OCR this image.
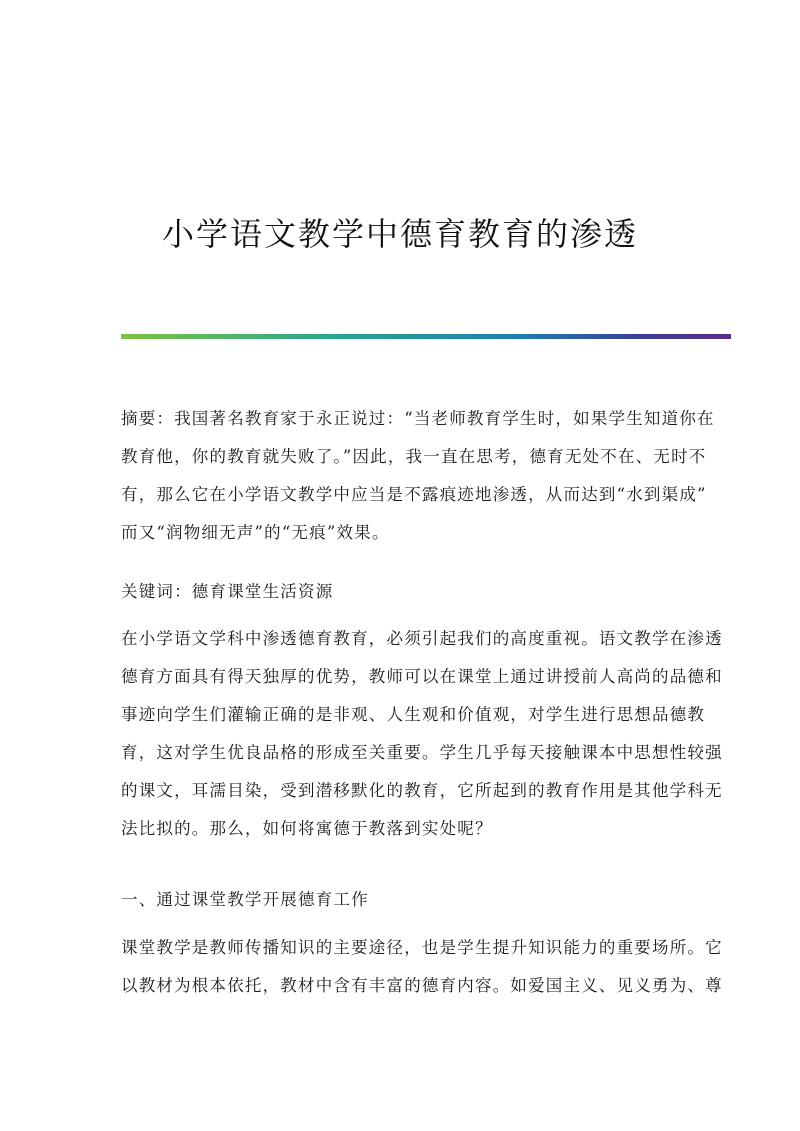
小学语文教学中德育教育的渗透
摘要：我国著名教育家于永正说过：“当老师教育学生时，如果学生知道你在
教育他，你的教育就失败了。”因此，我一直在思考，德育无处不在、无时不
有，那么它在小学语文教学中应当是不露痕迹地渗透，从而达到“水到渠成”
而又“润物细无声”的“无痕”效果。
关键词：德育课堂生活资源
在小学语文学科中渗透德育教育，必须引起我们的高度重视。语文教学在渗透
德育方面具有得天独厚的优势，教师可以在课堂上通过讲授前人高尚的品德和
事迹向学生们灌输正确的是非观、人生观和价值观，对学生进行思想品德教
育，这对学生优良品格的形成至关重要。学生几乎每天接触课本中思想性较强
的课文，耳濡目染，受到潜移默化的教育，它所起到的教育作用是其他学科无
法比拟的。那么，如何将寓德于教落到实处呢？
一、通过课堂教学开展德育工作
课堂教学是教师传播知识的主要途径，也是学生提升知识能力的重要场所。它
以教材为根本依托，教材中含有丰富的德育内容。如爱国主义、见义勇为、尊
